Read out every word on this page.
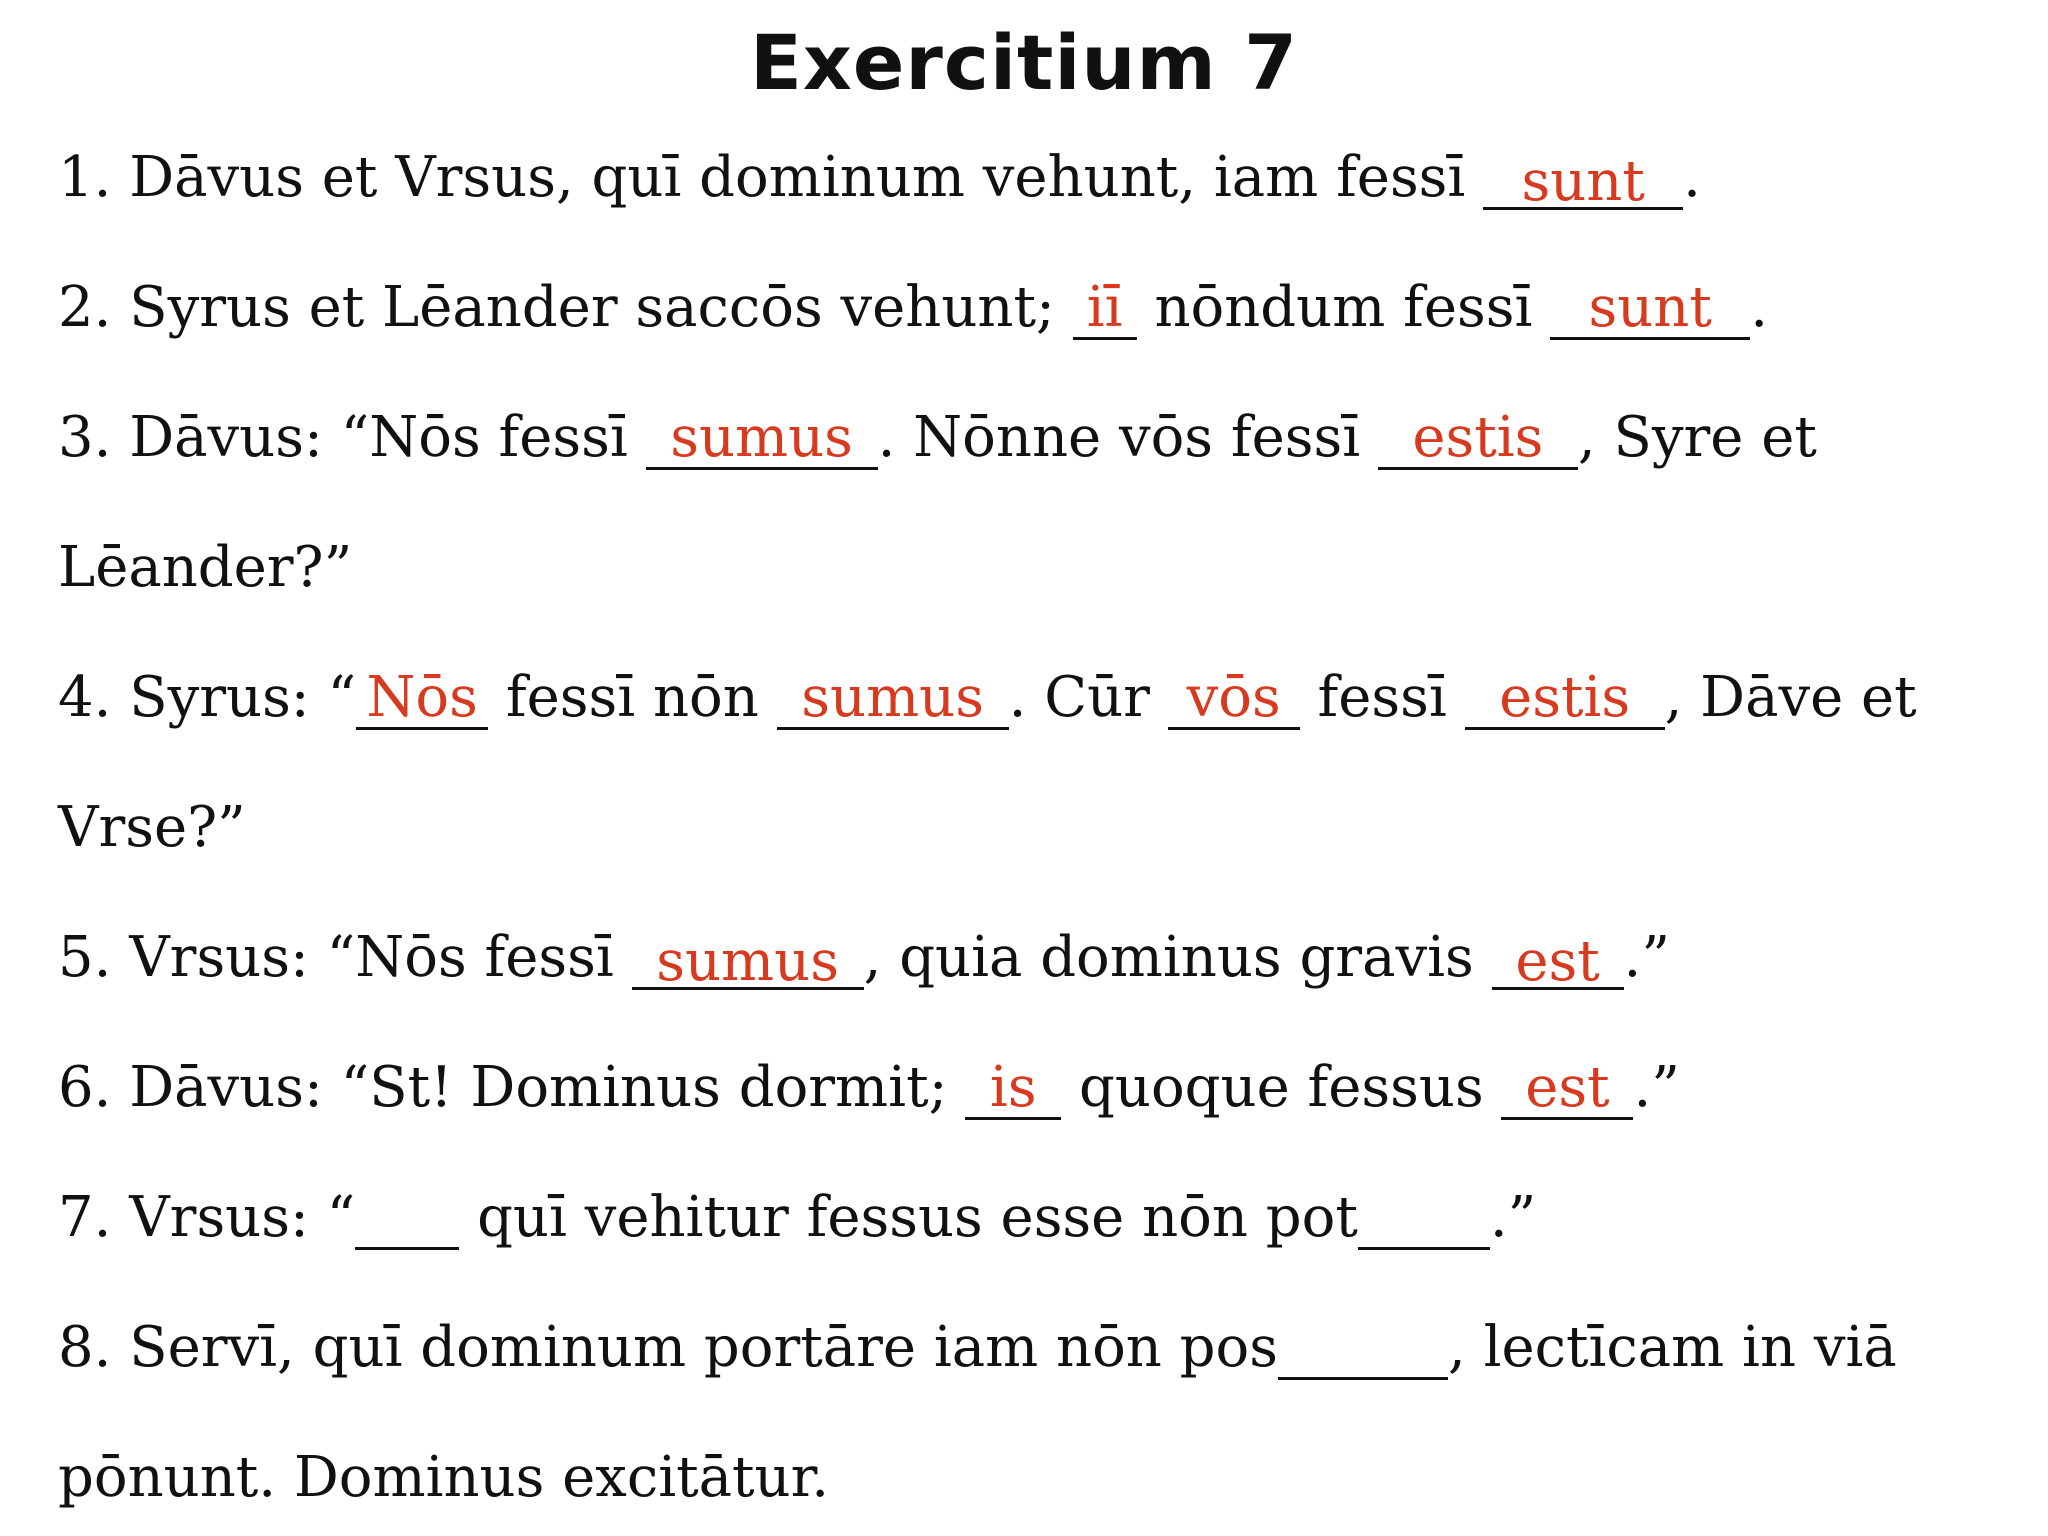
Exercitium 7
1. Dāvus et Vrsus, quī dominum vehunt, iam fessī sunt .
2. Syrus et Lēander saccōs vehunt; iī nōndum fessī sunt .
3. Dāvus: “Nōs fessī sumus . Nōnne vōs fessī estis , Syre et
Lēander?”
4. Syrus: “ Nōs fessī nōn sumus . Cūr vōs fessī estis , Dāve et
Vrse?”
5. Vrsus: “Nōs fessī sumus , quia dominus gravis est .”
6. Dāvus: “St! Dominus dormit; is quoque fessus est .”
7. Vrsus: “  quī vehitur fessus esse nōn pot .”
8. Servī, quī dominum portāre iam nōn pos	, lectīcam in viā
pōnunt. Dominus excitātur.
